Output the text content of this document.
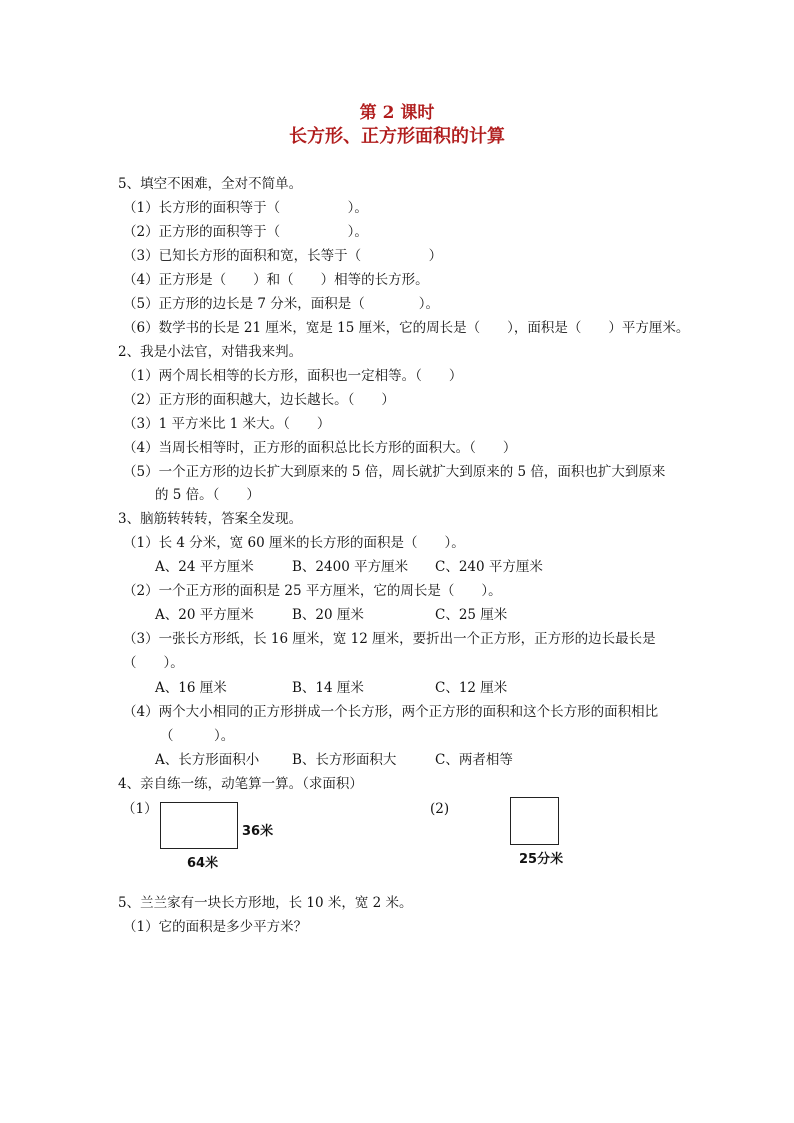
第 2 课时
长方形、正方形面积的计算
5、填空不困难，全对不简单。
（1）长方形的面积等于（　　　　　）。
（2）正方形的面积等于（　　　　　）。
（3）已知长方形的面积和宽，长等于（　　　　　）
（4）正方形是（　　）和（　　）相等的长方形。
（5）正方形的边长是 7 分米，面积是（　　　　）。
（6）数学书的长是 21 厘米，宽是 15 厘米，它的周长是（　　），面积是（　　）平方厘米。
2、我是小法官，对错我来判。
（1）两个周长相等的长方形，面积也一定相等。（　　）
（2）正方形的面积越大，边长越长。（　　）
（3）1 平方米比 1 米大。（　　）
（4）当周长相等时，正方形的面积总比长方形的面积大。（　　）
（5）一个正方形的边长扩大到原来的 5 倍，周长就扩大到原来的 5 倍，面积也扩大到原来
的 5 倍。（　　）
3、脑筋转转转，答案全发现。
（1）长 4 分米，宽 60 厘米的长方形的面积是（　　）。
A、24 平方厘米	B、2400 平方厘米 C、240 平方厘米
（2）一个正方形的面积是 25 平方厘米，它的周长是（　　）。
A、20 平方厘米	B、20 厘米	C、25 厘米
（3）一张长方形纸，长 16 厘米，宽 12 厘米，要折出一个正方形，正方形的边长最长是
（　　）。
A、16 厘米	B、14 厘米	C、12 厘米
（4）两个大小相同的正方形拼成一个长方形，两个正方形的面积和这个长方形的面积相比
（　　　）。
A、长方形面积小 B、长方形面积大	C、两者相等
4、亲自练一练，动笔算一算。（求面积）
（1）
36米
64米
(2)
25分米
5、兰兰家有一块长方形地，长 10 米，宽 2 米。
（1）它的面积是多少平方米？
